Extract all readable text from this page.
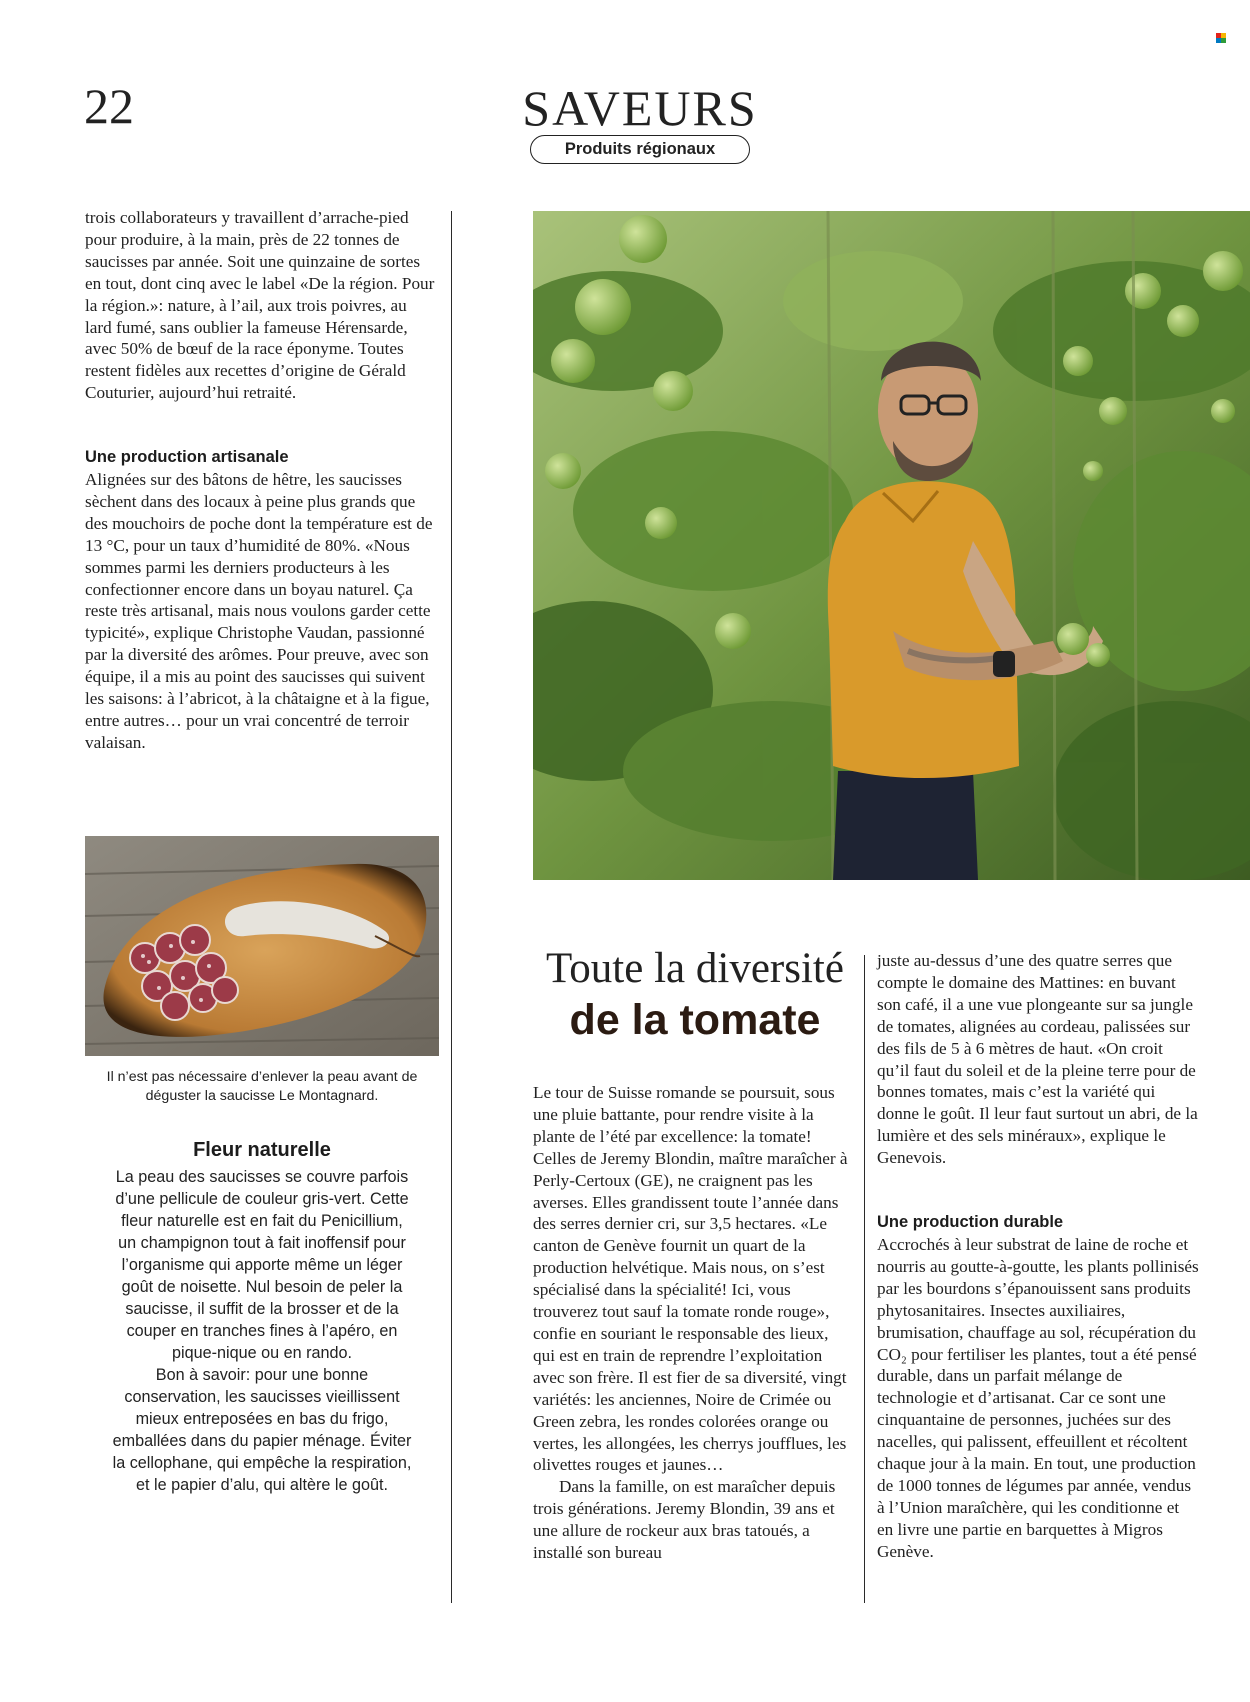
22	SAVEURS
Produits régionaux
trois collaborateurs y travaillent d’arrache-pied pour produire, à la main, près de 22 tonnes de saucisses par année. Soit une quinzaine de sortes en tout, dont cinq avec le label «De la région. Pour la région.»: nature, à l’ail, aux trois poivres, au lard fumé, sans oublier la fameuse Hérensarde, avec 50% de bœuf de la race éponyme. Toutes restent fidèles aux recettes d’origine de Gérald Couturier, aujourd’hui retraité.
Une production artisanale
Alignées sur des bâtons de hêtre, les saucisses sèchent dans des locaux à peine plus grands que des mouchoirs de poche dont la température est de 13 °C, pour un taux d’humidité de 80%. «Nous sommes parmi les derniers producteurs à les confectionner encore dans un boyau naturel. Ça reste très artisanal, mais nous voulons garder cette typicité», explique Christophe Vaudan, passionné par la diversité des arômes. Pour preuve, avec son équipe, il a mis au point des saucisses qui suivent les saisons: à l’abricot, à la châtaigne et à la figue, entre autres… pour un vrai concentré de terroir valaisan.
Il n’est pas nécessaire d’enlever la peau avant de déguster la saucisse Le Montagnard.
Fleur naturelle

La peau des saucisses se couvre parfois d’une pellicule de couleur gris-vert. Cette fleur naturelle est en fait du Penicillium, un champignon tout à fait inoffensif pour l’organisme qui apporte même un léger goût de noisette. Nul besoin de peler la saucisse, il suffit de la brosser et de la couper en tranches fines à l’apéro, en pique-nique ou en rando.

Bon à savoir: pour une bonne conservation, les saucisses vieillissent mieux entreposées en bas du frigo, emballées dans du papier ménage. Éviter la cellophane, qui empêche la respiration, et le papier d’alu, qui altère le goût.

Toute la diversité
de la tomate

Le tour de Suisse romande se poursuit, sous une pluie battante, pour rendre visite à la plante de l’été par excellence: la tomate! Celles de Jeremy Blondin, maître maraîcher à Perly-Certoux (GE), ne craignent pas les averses. Elles grandissent toute l’année dans des serres dernier cri, sur 3,5 hectares. «Le canton de Genève fournit un quart de la production helvétique. Mais nous, on s’est spécialisé dans la spécialité! Ici, vous trouverez tout sauf la tomate ronde rouge», confie en souriant le responsable des lieux, qui est en train de reprendre l’exploitation avec son frère. Il est fier de sa diversité, vingt variétés: les anciennes, Noire de Crimée ou Green zebra, les rondes colorées orange ou vertes, les allongées, les cherrys joufflues, les olivettes rouges et jaunes…

Dans la famille, on est maraîcher depuis trois générations. Jeremy Blondin, 39 ans et une allure de rockeur aux bras tatoués, a installé son bureau

juste au-dessus d’une des quatre serres que compte le domaine des Mattines: en buvant son café, il a une vue plongeante sur sa jungle de tomates, alignées au cordeau, palissées sur des fils de 5 à 6 mètres de haut. «On croit qu’il faut du soleil et de la pleine terre pour de bonnes tomates, mais c’est la variété qui donne le goût. Il leur faut surtout un abri, de la lumière et des sels minéraux», explique le Genevois.
Une production durable
Accrochés à leur substrat de laine de roche et nourris au goutte-à-goutte, les plants pollinisés par les bourdons s’épanouissent sans produits phytosanitaires. Insectes auxiliaires, brumisation, chauffage au sol, récupération du CO₂ pour fertiliser les plantes, tout a été pensé durable, dans un parfait mélange de technologie et d’artisanat. Car ce sont une cinquantaine de personnes, juchées sur des nacelles, qui palissent, effeuillent et récoltent chaque jour à la main. En tout, une production de 1000 tonnes de légumes par année, vendus à l’Union maraîchère, qui les conditionne et en livre une partie en barquettes à Migros Genève.
